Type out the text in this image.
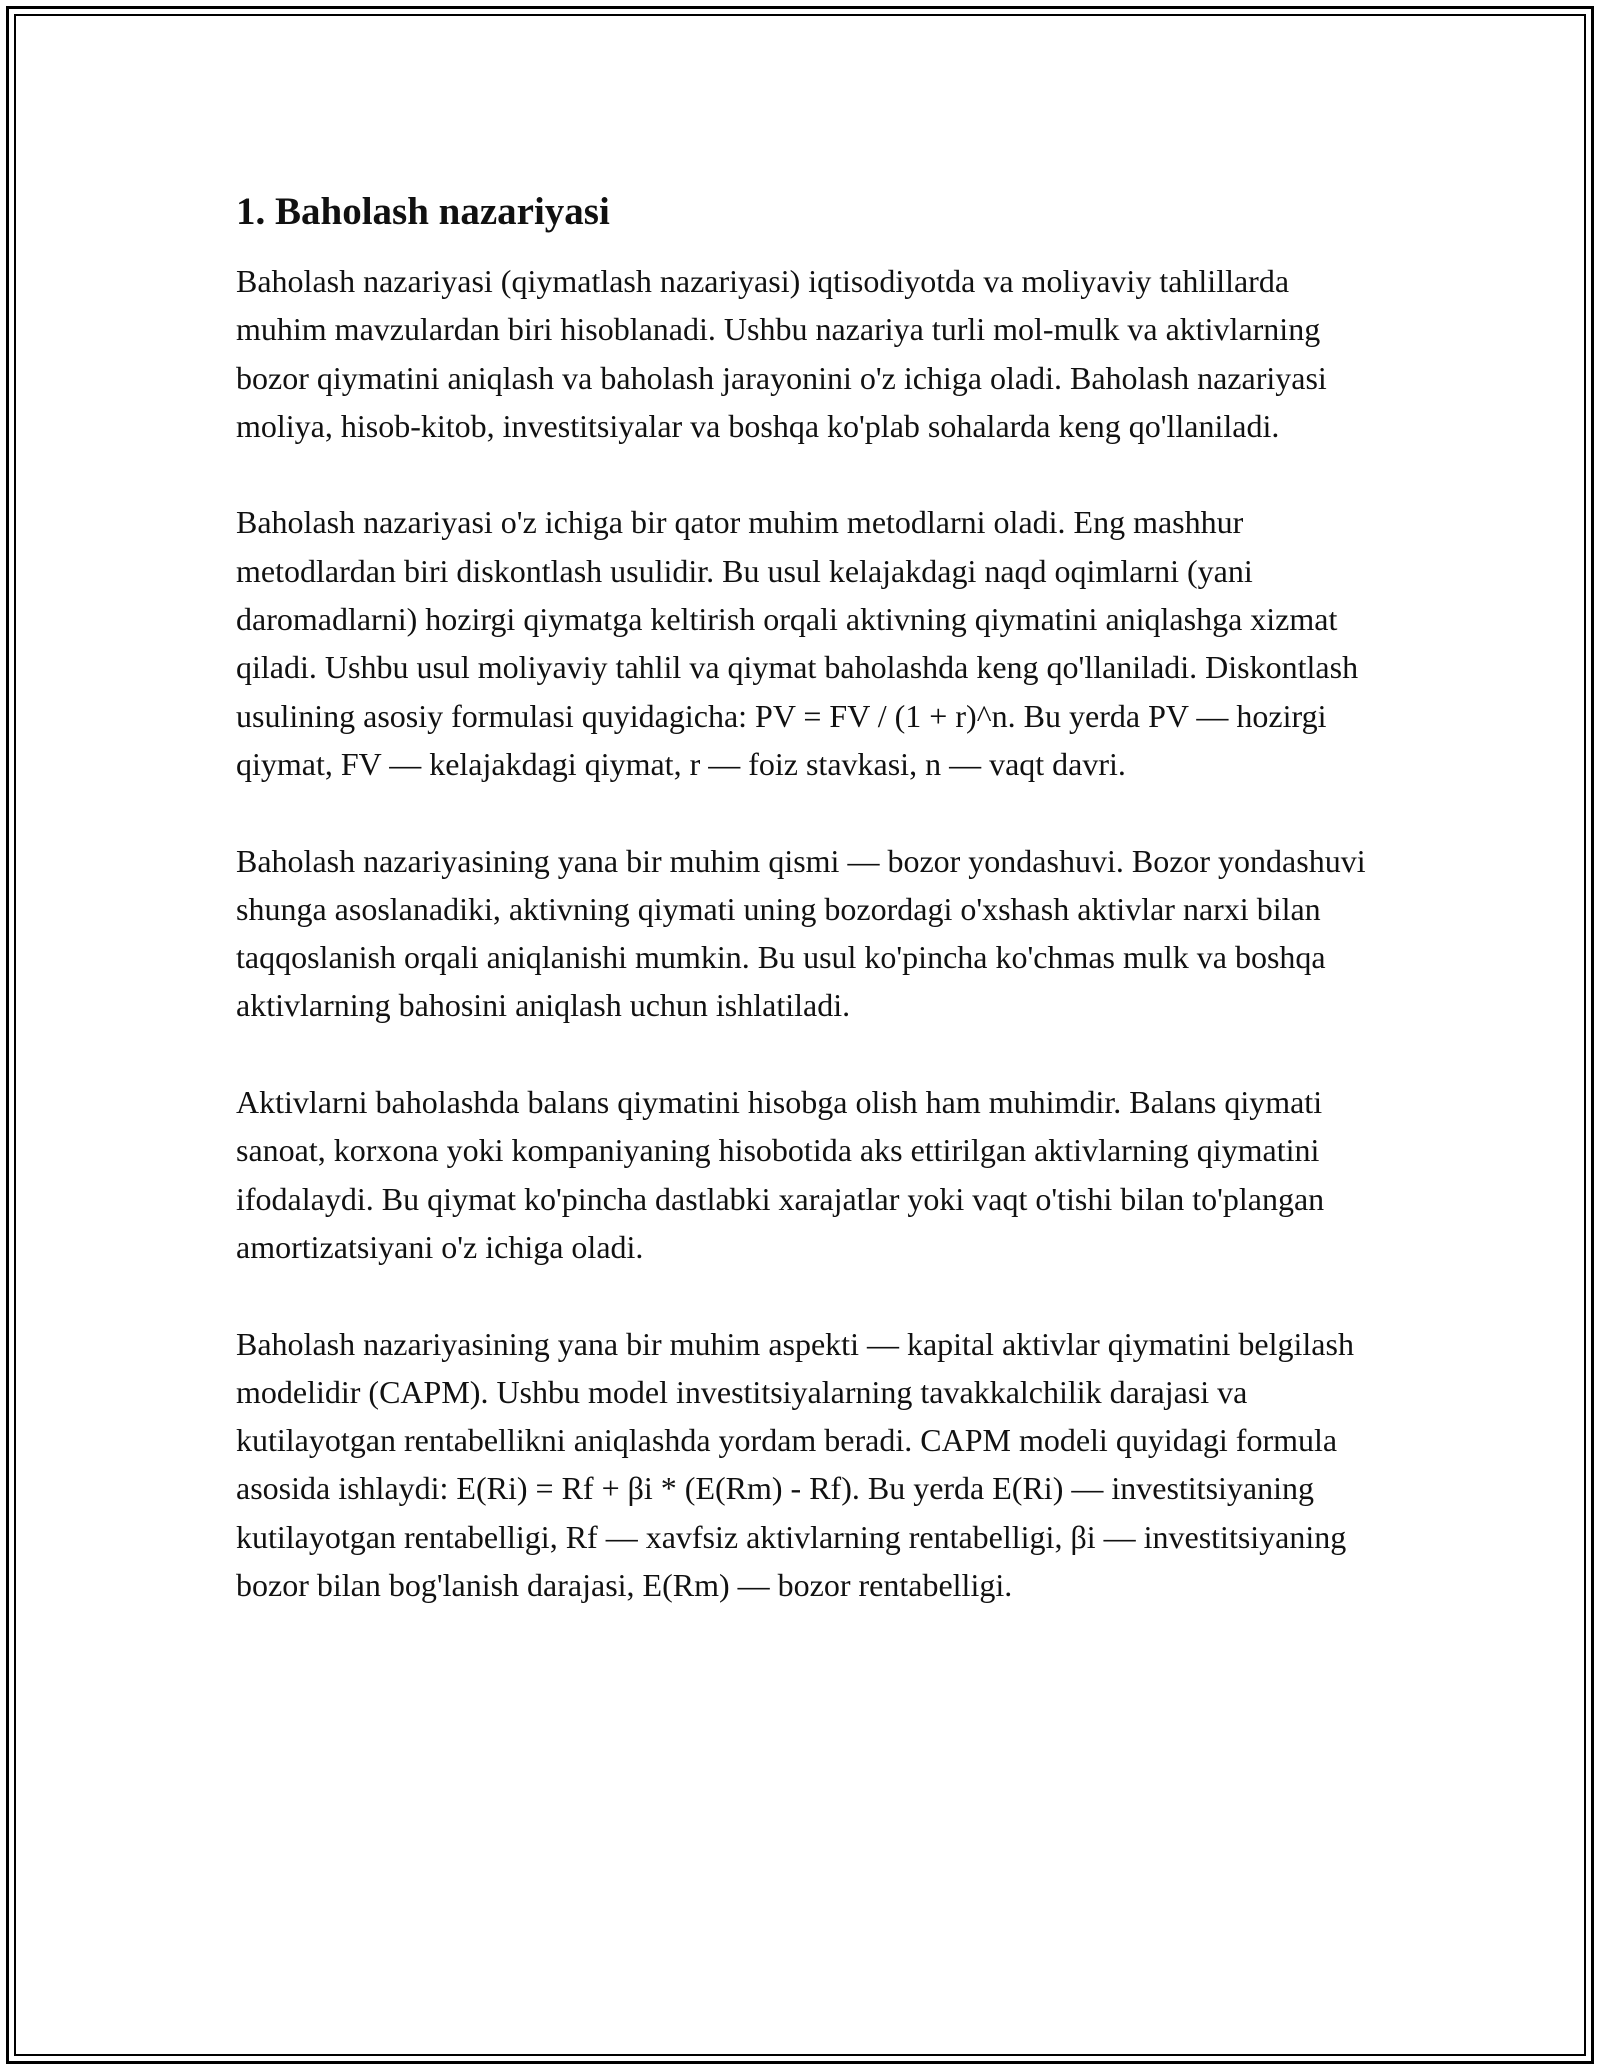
1. Baholash nazariyasi

Baholash nazariyasi (qiymatlash nazariyasi) iqtisodiyotda va moliyaviy tahlillarda muhim mavzulardan biri hisoblanadi. Ushbu nazariya turli mol-mulk va aktivlarning bozor qiymatini aniqlash va baholash jarayonini o'z ichiga oladi. Baholash nazariyasi moliya, hisob-kitob, investitsiyalar va boshqa ko'plab sohalarda keng qo'llaniladi.

Baholash nazariyasi o'z ichiga bir qator muhim metodlarni oladi. Eng mashhur metodlardan biri diskontlash usulidir. Bu usul kelajakdagi naqd oqimlarni (yani daromadlarni) hozirgi qiymatga keltirish orqali aktivning qiymatini aniqlashga xizmat qiladi. Ushbu usul moliyaviy tahlil va qiymat baholashda keng qo'llaniladi. Diskontlash usulining asosiy formulasi quyidagicha: PV = FV / (1 + r)^n. Bu yerda PV — hozirgi qiymat, FV — kelajakdagi qiymat, r — foiz stavkasi, n — vaqt davri.

Baholash nazariyasining yana bir muhim qismi — bozor yondashuvi. Bozor yondashuvi shunga asoslanadiki, aktivning qiymati uning bozordagi o'xshash aktivlar narxi bilan taqqoslanish orqali aniqlanishi mumkin. Bu usul ko'pincha ko'chmas mulk va boshqa aktivlarning bahosini aniqlash uchun ishlatiladi.

Aktivlarni baholashda balans qiymatini hisobga olish ham muhimdir. Balans qiymati sanoat, korxona yoki kompaniyaning hisobotida aks ettirilgan aktivlarning qiymatini ifodalaydi. Bu qiymat ko'pincha dastlabki xarajatlar yoki vaqt o'tishi bilan to'plangan amortizatsiyani o'z ichiga oladi.

Baholash nazariyasining yana bir muhim aspekti — kapital aktivlar qiymatini belgilash modelidir (CAPM). Ushbu model investitsiyalarning tavakkalchilik darajasi va kutilayotgan rentabellikni aniqlashda yordam beradi. CAPM modeli quyidagi formula asosida ishlaydi: E(Ri) = Rf + βi * (E(Rm) - Rf). Bu yerda E(Ri) — investitsiyaning kutilayotgan rentabelligi, Rf — xavfsiz aktivlarning rentabelligi, βi — investitsiyaning bozor bilan bog'lanish darajasi, E(Rm) — bozor rentabelligi.
